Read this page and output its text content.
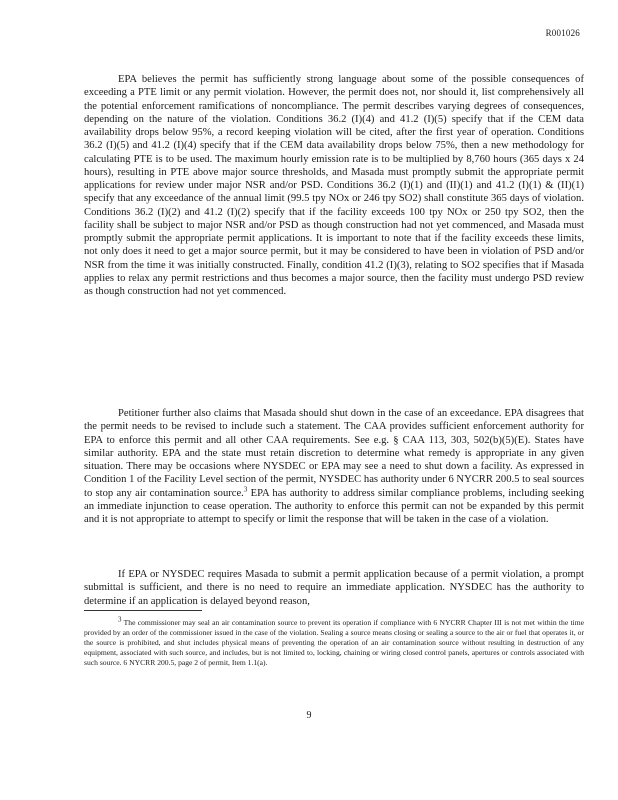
R001026

EPA believes the permit has sufficiently strong language about some of the possible consequences of exceeding a PTE limit or any permit violation. However, the permit does not, nor should it, list comprehensively all the potential enforcement ramifications of noncompliance. The permit describes varying degrees of consequences, depending on the nature of the violation. Conditions 36.2 (I)(4) and 41.2 (I)(5) specify that if the CEM data availability drops below 95%, a record keeping violation will be cited, after the first year of operation. Conditions 36.2 (I)(5) and 41.2 (I)(4) specify that if the CEM data availability drops below 75%, then a new methodology for calculating PTE is to be used. The maximum hourly emission rate is to be multiplied by 8,760 hours (365 days x 24 hours), resulting in PTE above major source thresholds, and Masada must promptly submit the appropriate permit applications for review under major NSR and/or PSD. Conditions 36.2 (I)(1) and (II)(1) and 41.2 (I)(1) & (II)(1) specify that any exceedance of the annual limit (99.5 tpy NOx or 246 tpy SO2) shall constitute 365 days of violation. Conditions 36.2 (I)(2) and 41.2 (I)(2) specify that if the facility exceeds 100 tpy NOx or 250 tpy SO2, then the facility shall be subject to major NSR and/or PSD as though construction had not yet commenced, and Masada must promptly submit the appropriate permit applications. It is important to note that if the facility exceeds these limits, not only does it need to get a major source permit, but it may be considered to have been in violation of PSD and/or NSR from the time it was initially constructed. Finally, condition 41.2 (I)(3), relating to SO2 specifies that if Masada applies to relax any permit restrictions and thus becomes a major source, then the facility must undergo PSD review as though construction had not yet commenced.

Petitioner further also claims that Masada should shut down in the case of an exceedance. EPA disagrees that the permit needs to be revised to include such a statement. The CAA provides sufficient enforcement authority for EPA to enforce this permit and all other CAA requirements. See e.g. § CAA 113, 303, 502(b)(5)(E). States have similar authority. EPA and the state must retain discretion to determine what remedy is appropriate in any given situation. There may be occasions where NYSDEC or EPA may see a need to shut down a facility. As expressed in Condition 1 of the Facility Level section of the permit, NYSDEC has authority under 6 NYCRR 200.5 to seal sources to stop any air contamination source.$^3$ EPA has authority to address similar compliance problems, including seeking an immediate injunction to cease operation. The authority to enforce this permit can not be expanded by this permit and it is not appropriate to attempt to specify or limit the response that will be taken in the case of a violation.

If EPA or NYSDEC requires Masada to submit a permit application because of a permit violation, a prompt submittal is sufficient, and there is no need to require an immediate application. NYSDEC has the authority to determine if an application is delayed beyond reason,

$^3$ The commissioner may seal an air contamination source to prevent its operation if compliance with 6 NYCRR Chapter III is not met within the time provided by an order of the commissioner issued in the case of the violation. Sealing a source means closing or sealing a source to the air or fuel that operates it, or the source is prohibited, and shut includes physical means of preventing the operation of an air contamination source without resulting in destruction of any equipment, associated with such source, and includes, but is not limited to, locking, chaining or wiring closed control panels, apertures or controls associated with such source. 6 NYCRR 200.5, page 2 of permit, Item 1.1(a).

9
